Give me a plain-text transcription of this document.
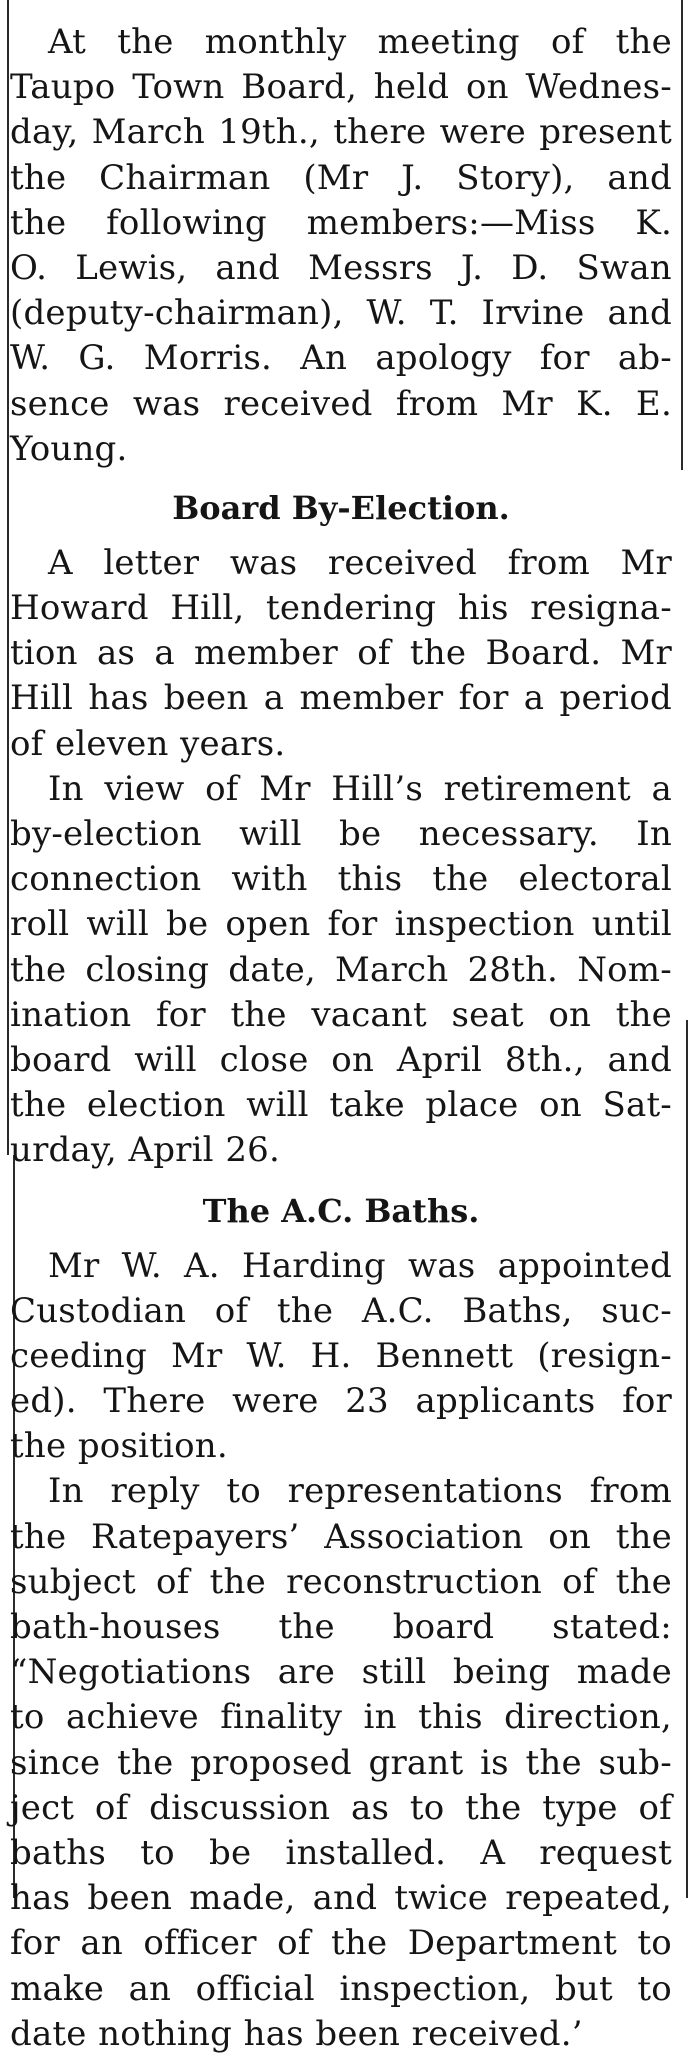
At the monthly meeting of the
Taupo Town Board, held on Wednes-
day, March 19th., there were present
the Chairman (Mr J. Story), and
the following members:—Miss K.
O. Lewis, and Messrs J. D. Swan
(deputy-chairman), W. T. Irvine and
W. G. Morris. An apology for ab-
sence was received from Mr K. E.
Young.
Board By-Election.
A letter was received from Mr
Howard Hill, tendering his resigna-
tion as a member of the Board. Mr
Hill has been a member for a period
of eleven years.
In view of Mr Hill’s retirement a
by-election will be necessary. In
connection with this the electoral
roll will be open for inspection until
the closing date, March 28th. Nom-
ination for the vacant seat on the
board will close on April 8th., and
the election will take place on Sat-
urday, April 26.
The A.C. Baths.
Mr W. A. Harding was appointed
Custodian of the A.C. Baths, suc-
ceeding Mr W. H. Bennett (resign-
ed). There were 23 applicants for
the position.
In reply to representations from
the Ratepayers’ Association on the
subject of the reconstruction of the
bath-houses the board stated:
“Negotiations are still being made
to achieve finality in this direction,
since the proposed grant is the sub-
ject of discussion as to the type of
baths to be installed. A request
has been made, and twice repeated,
for an officer of the Department to
make an official inspection, but to
date nothing has been received.’
